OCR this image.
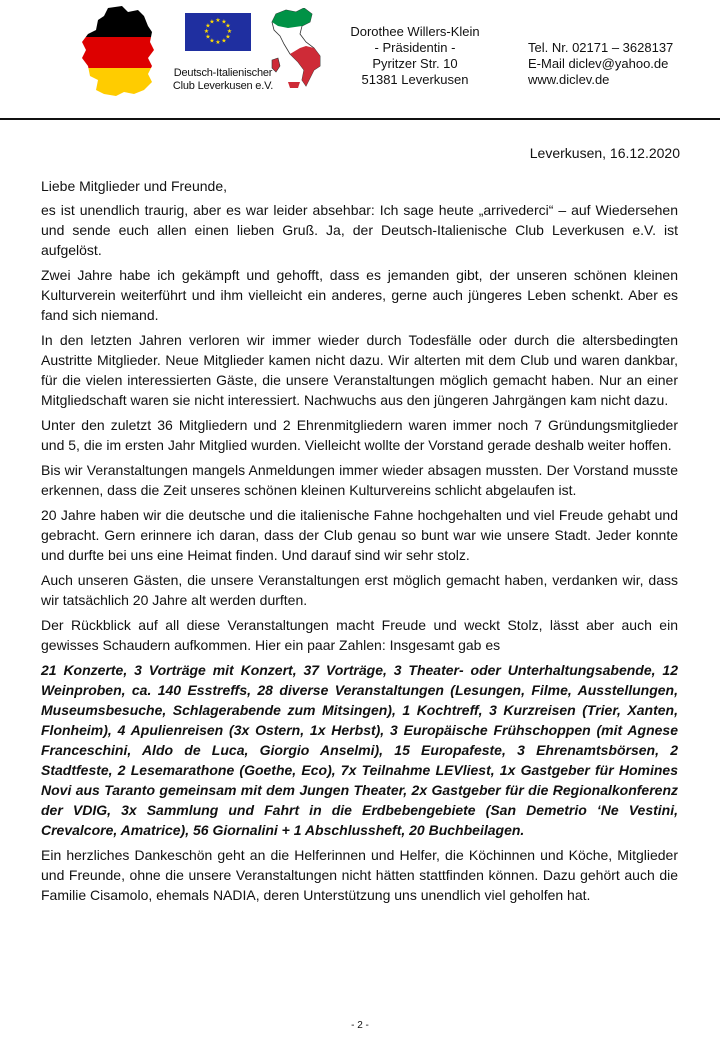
★ ★
★
★
★
★
★
★
★
★
★
★
Deutsch-Italienischer
Club Leverkusen e.V.
Dorothee Willers-Klein
- Präsidentin -
Pyritzer Str. 10
51381 Leverkusen
Tel. Nr. 02171 – 3628137
E-Mail diclev@yahoo.de
www.diclev.de
Leverkusen, 16.12.2020

Liebe Mitglieder und Freunde,

es ist unendlich traurig, aber es war leider absehbar: Ich sage heute „arrivederci“ – auf Wiedersehen und sende euch allen einen lieben Gruß. Ja, der Deutsch-Italienische Club Leverkusen e.V. ist aufgelöst.

Zwei Jahre habe ich gekämpft und gehofft, dass es jemanden gibt, der unseren schönen kleinen Kulturverein weiterführt und ihm vielleicht ein anderes, gerne auch jüngeres Leben schenkt. Aber es fand sich niemand.

In den letzten Jahren verloren wir immer wieder durch Todesfälle oder durch die altersbedingten Austritte Mitglieder. Neue Mitglieder kamen nicht dazu. Wir alterten mit dem Club und waren dankbar, für die vielen interessierten Gäste, die unsere Veranstaltungen möglich gemacht haben. Nur an einer Mitgliedschaft waren sie nicht interessiert. Nachwuchs aus den jüngeren Jahrgängen kam nicht dazu.

Unter den zuletzt 36 Mitgliedern und 2 Ehrenmitgliedern waren immer noch 7 Gründungsmitglieder und 5, die im ersten Jahr Mitglied wurden. Vielleicht wollte der Vorstand gerade deshalb weiter hoffen.

Bis wir Veranstaltungen mangels Anmeldungen immer wieder absagen mussten. Der Vorstand musste erkennen, dass die Zeit unseres schönen kleinen Kulturvereins schlicht abgelaufen ist.

20 Jahre haben wir die deutsche und die italienische Fahne hochgehalten und viel Freude gehabt und gebracht. Gern erinnere ich daran, dass der Club genau so bunt war wie unsere Stadt. Jeder konnte und durfte bei uns eine Heimat finden. Und darauf sind wir sehr stolz.

Auch unseren Gästen, die unsere Veranstaltungen erst möglich gemacht haben, verdanken wir, dass wir tatsächlich 20 Jahre alt werden durften.

Der Rückblick auf all diese Veranstaltungen macht Freude und weckt Stolz, lässt aber auch ein gewisses Schaudern aufkommen. Hier ein paar Zahlen: Insgesamt gab es

21 Konzerte, 3 Vorträge mit Konzert, 37 Vorträge, 3 Theater- oder Unterhaltungsabende, 12 Weinproben, ca. 140 Esstreffs, 28 diverse Veranstaltungen (Lesungen, Filme, Ausstellungen, Museumsbesuche, Schlagerabende zum Mitsingen), 1 Kochtreff, 3 Kurzreisen (Trier, Xanten, Flonheim), 4 Apulienreisen (3x Ostern, 1x Herbst), 3 Europäische Frühschoppen (mit Agnese Franceschini, Aldo de Luca, Giorgio Anselmi), 15 Europafeste, 3 Ehrenamtsbörsen, 2 Stadtfeste, 2 Lesemarathone (Goethe, Eco), 7x Teilnahme LEVliest, 1x Gastgeber für Homines Novi aus Taranto gemeinsam mit dem Jungen Theater, 2x Gastgeber für die Regionalkonferenz der VDIG, 3x Sammlung und Fahrt in die Erdbebengebiete (San Demetrio ‘Ne Vestini, Crevalcore, Amatrice), 56 Giornalini + 1 Abschlussheft, 20 Buchbeilagen.

Ein herzliches Dankeschön geht an die Helferinnen und Helfer, die Köchinnen und Köche, Mitglieder und Freunde, ohne die unsere Veranstaltungen nicht hätten stattfinden können. Dazu gehört auch die Familie Cisamolo, ehemals NADIA, deren Unterstützung uns unendlich viel geholfen hat.

- 2 -
